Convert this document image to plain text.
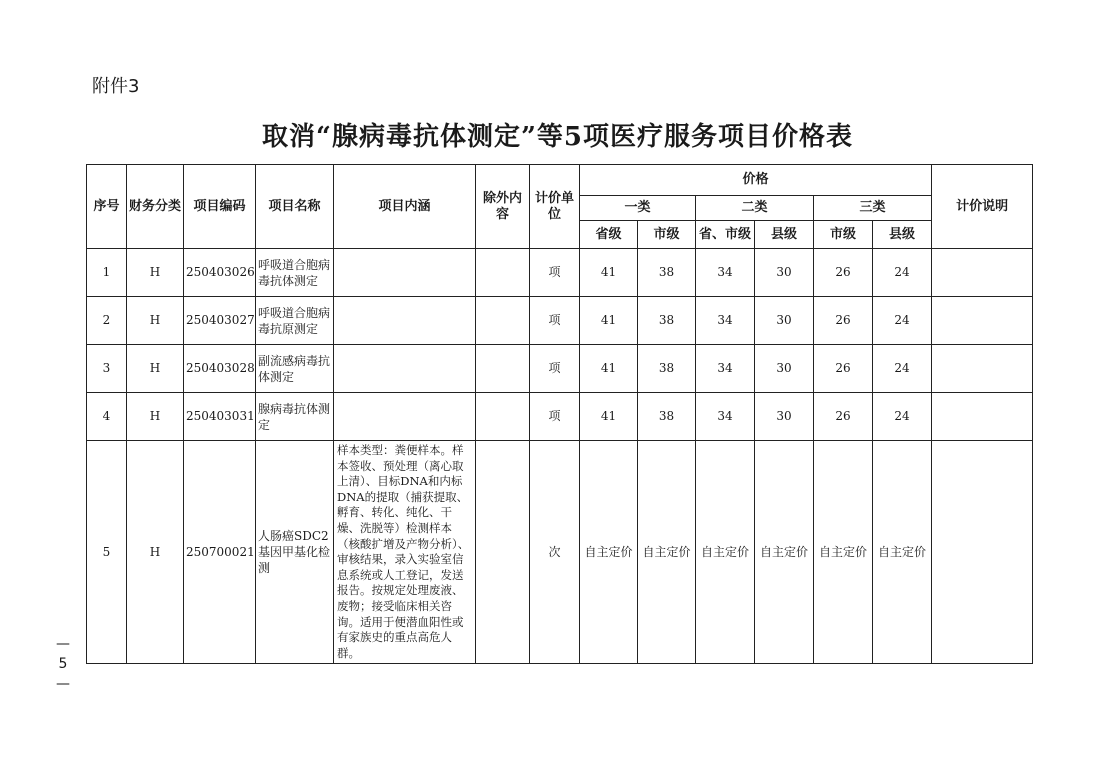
附件3
取消“腺病毒抗体测定”等5项医疗服务项目价格表
序号	财务分类	项目编码	项目名称	项目内涵	除外内容	计价单位	价格						计价说明
							一类		二类		三类		
							省级	市级	省、市级	县级	市级	县级	
1	H	250403026	呼吸道合胞病毒抗体测定			项	41	38	34	30	26	24	
2	H	250403027	呼吸道合胞病毒抗原测定			项	41	38	34	30	26	24	
3	H	250403028	副流感病毒抗体测定			项	41	38	34	30	26	24	
4	H	250403031	腺病毒抗体测定			项	41	38	34	30	26	24	
5	H	250700021	人肠癌SDC2基因甲基化检测	样本类型：粪便样本。样本签收、预处理（离心取上清）、目标DNA和内标DNA的提取（捕获提取、孵育、转化、纯化、干燥、洗脱等）检测样本（核酸扩增及产物分析）、审核结果，录入实验室信息系统或人工登记，发送报告。按规定处理废液、废物；接受临床相关咨询。适用于便潜血阳性或有家族史的重点高危人群。		次	自主定价	自主定价	自主定价	自主定价	自主定价	自主定价	
— 5 —
